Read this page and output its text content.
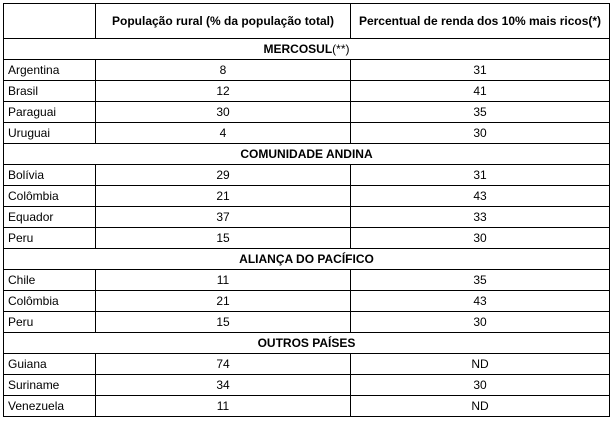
	População rural (% da população total)	Percentual de renda dos 10% mais ricos(*)
MERCOSUL(**)		
Argentina	8	31
Brasil	12	41
Paraguai	30	35
Uruguai	4	30
COMUNIDADE ANDINA		
Bolívia	29	31
Colômbia	21	43
Equador	37	33
Peru	15	30
ALIANÇA DO PACÍFICO		
Chile	11	35
Colômbia	21	43
Peru	15	30
OUTROS PAÍSES		
Guiana	74	ND
Suriname	34	30
Venezuela	11	ND
